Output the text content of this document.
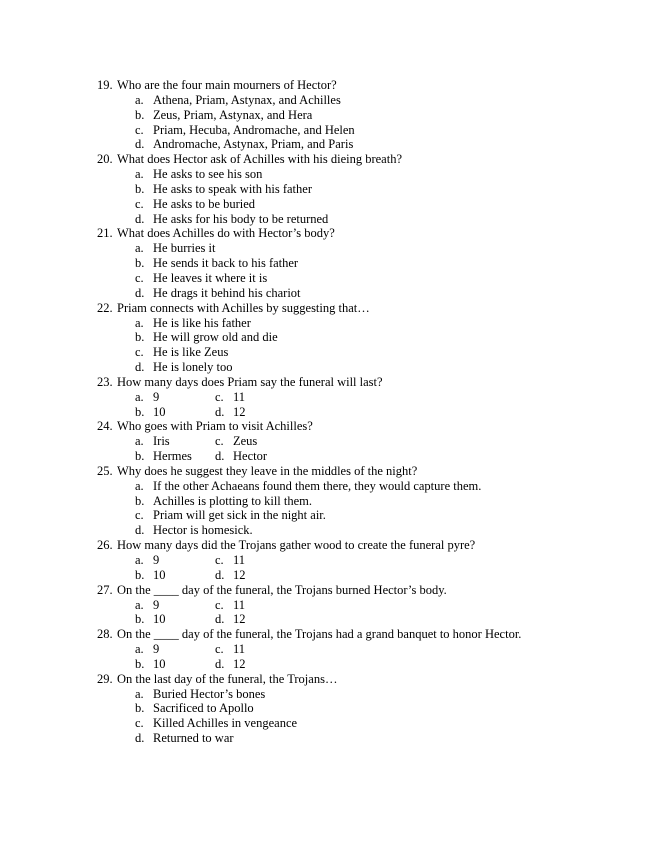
19. Who are the four main mourners of Hector?
a. Athena, Priam, Astynax, and Achilles
b. Zeus, Priam, Astynax, and Hera
c. Priam, Hecuba, Andromache, and Helen
d. Andromache, Astynax, Priam, and Paris
20. What does Hector ask of Achilles with his dieing breath?
a. He asks to see his son
b. He asks to speak with his father
c. He asks to be buried
d. He asks for his body to be returned
21. What does Achilles do with Hector’s body?
a. He burries it
b. He sends it back to his father
c. He leaves it where it is
d. He drags it behind his chariot
22. Priam connects with Achilles by suggesting that…
a. He is like his father
b. He will grow old and die
c. He is like Zeus
d. He is lonely too
23. How many days does Priam say the funeral will last?
a. 9
b. 10
c. 11
d. 12
24. Who goes with Priam to visit Achilles?
a. Iris
b. Hermes
c. Zeus
d. Hector
25. Why does he suggest they leave in the middles of the night?
a. If the other Achaeans found them there, they would capture them.
b. Achilles is plotting to kill them.
c. Priam will get sick in the night air.
d. Hector is homesick.
26. How many days did the Trojans gather wood to create the funeral pyre?
a. 9
b. 10
c. 11
d. 12
27. On the ____ day of the funeral, the Trojans burned Hector’s body.
a. 9
b. 10
c. 11
d. 12
28. On the ____ day of the funeral, the Trojans had a grand banquet to honor Hector.
a. 9
b. 10
c. 11
d. 12
29. On the last day of the funeral, the Trojans…
a. Buried Hector’s bones
b. Sacrificed to Apollo
c. Killed Achilles in vengeance
d. Returned to war
